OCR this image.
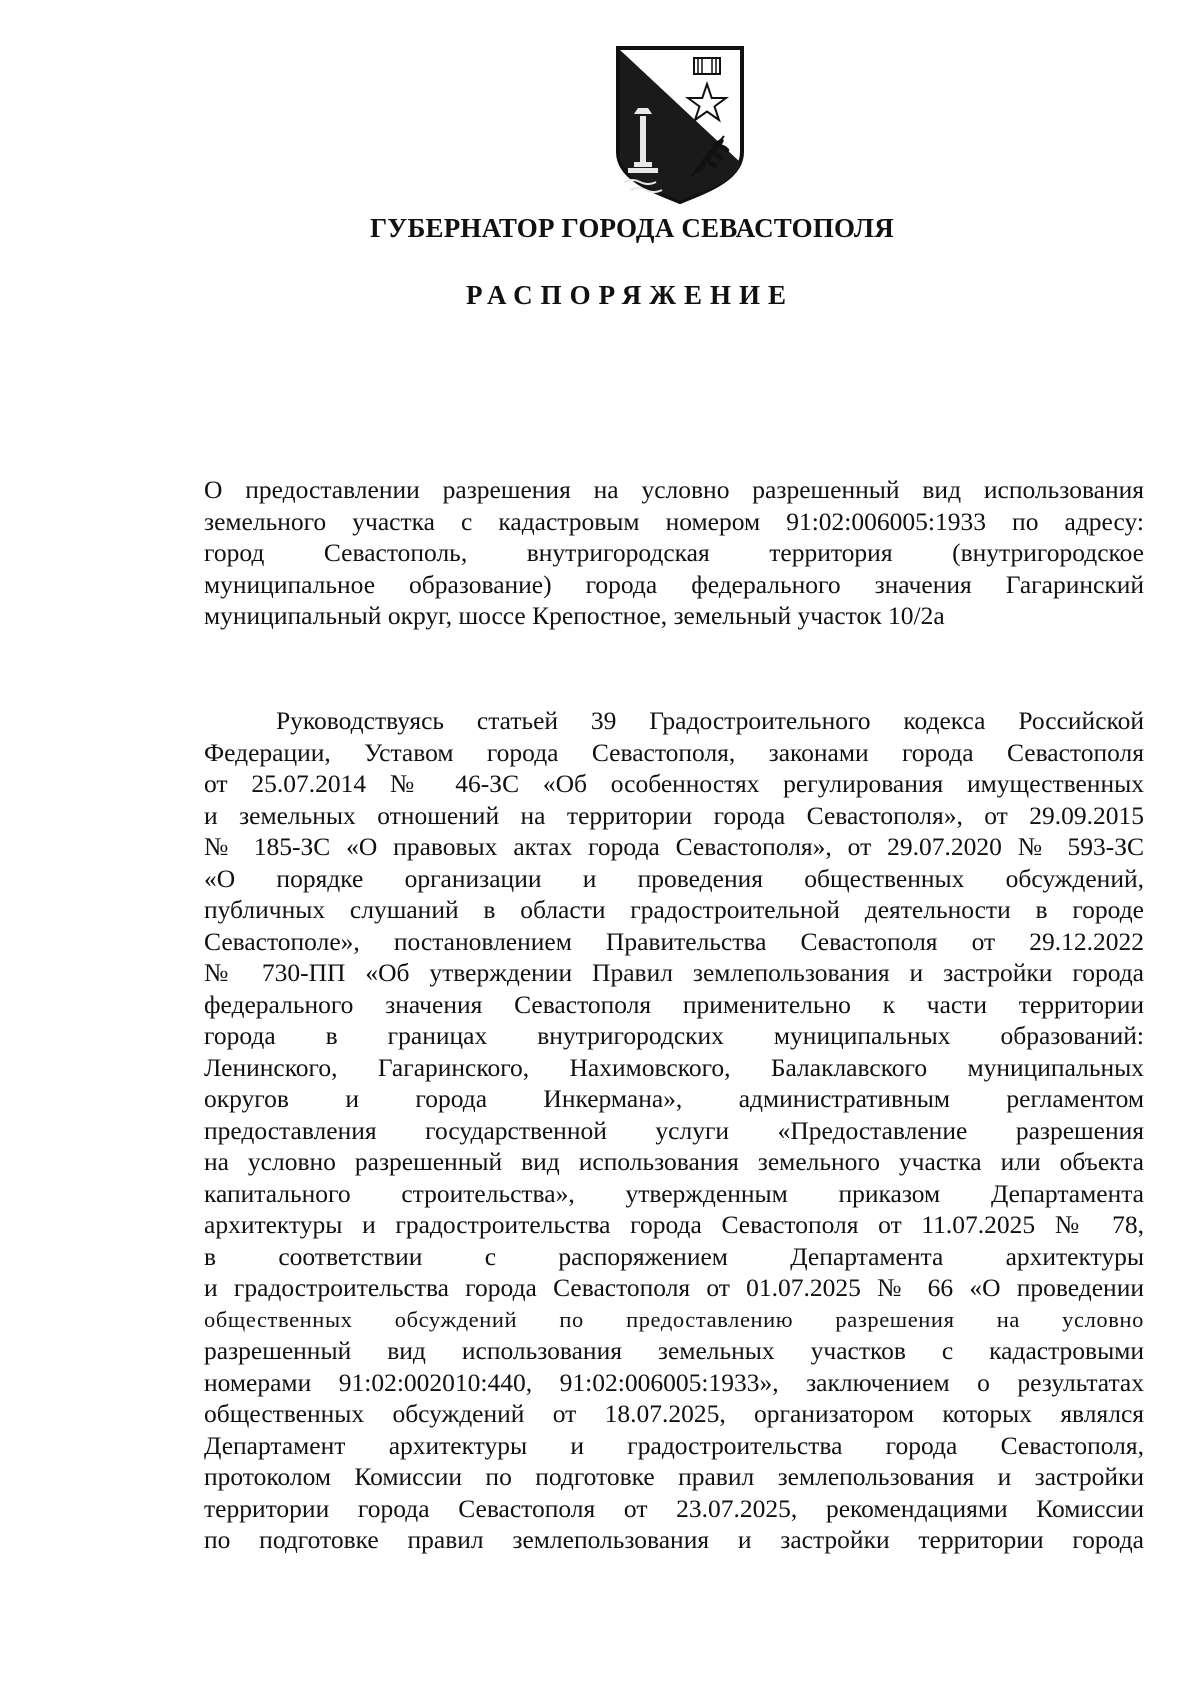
ГУБЕРНАТОР ГОРОДА СЕВАСТОПОЛЯ
РАСПОРЯЖЕНИЕ
О предоставлении разрешения на условно разрешенный вид использования
земельного участка с кадастровым номером 91:02:006005:1933 по адресу:
город Севастополь, внутригородская территория (внутригородское
муниципальное образование) города федерального значения Гагаринский
муниципальный округ, шоссе Крепостное, земельный участок 10/2а
Руководствуясь статьей 39 Градостроительного кодекса Российской
Федерации, Уставом города Севастополя, законами города Севастополя
от 25.07.2014 № 46-ЗС «Об особенностях регулирования имущественных
и земельных отношений на территории города Севастополя», от 29.09.2015
№ 185-ЗС «О правовых актах города Севастополя», от 29.07.2020 № 593-ЗС
«О порядке организации и проведения общественных обсуждений,
публичных слушаний в области градостроительной деятельности в городе
Севастополе», постановлением Правительства Севастополя от 29.12.2022
№ 730-ПП «Об утверждении Правил землепользования и застройки города
федерального значения Севастополя применительно к части территории
города в границах внутригородских муниципальных образований:
Ленинского, Гагаринского, Нахимовского, Балаклавского муниципальных
округов и города Инкермана», административным регламентом
предоставления государственной услуги «Предоставление разрешения
на условно разрешенный вид использования земельного участка или объекта
капитального строительства», утвержденным приказом Департамента
архитектуры и градостроительства города Севастополя от 11.07.2025 № 78,
в соответствии с распоряжением Департамента архитектуры
и градостроительства города Севастополя от 01.07.2025 № 66 «О проведении
общественных обсуждений по предоставлению разрешения на условно
разрешенный вид использования земельных участков с кадастровыми
номерами 91:02:002010:440, 91:02:006005:1933», заключением о результатах
общественных обсуждений от 18.07.2025, организатором которых являлся
Департамент архитектуры и градостроительства города Севастополя,
протоколом Комиссии по подготовке правил землепользования и застройки
территории города Севастополя от 23.07.2025, рекомендациями Комиссии
по подготовке правил землепользования и застройки территории города
